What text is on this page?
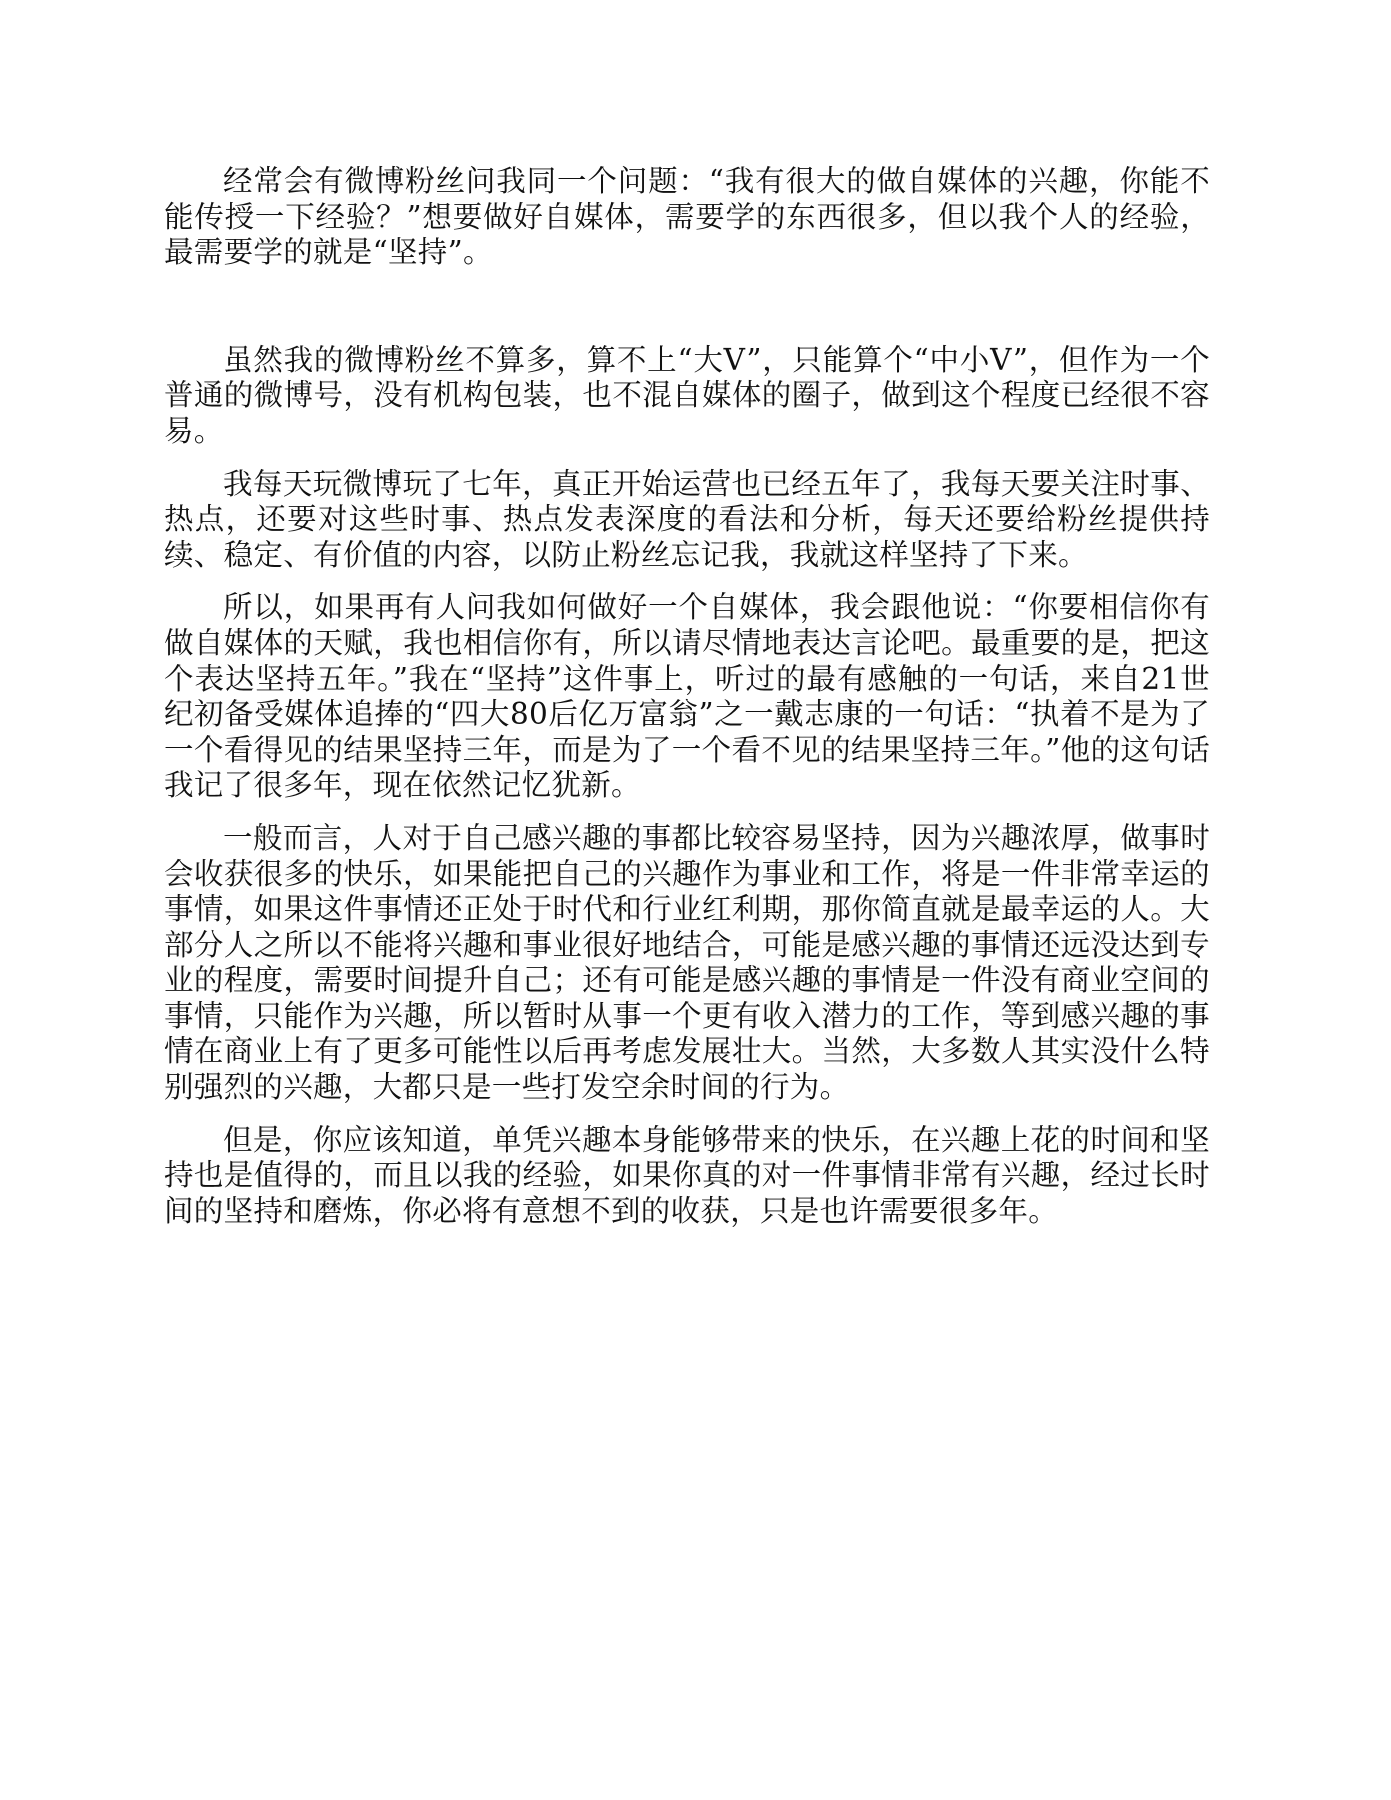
经常会有微博粉丝问我同一个问题：“我有很大的做自媒体的兴趣，你能不能传授一下经验？”想要做好自媒体，需要学的东西很多，但以我个人的经验，最需要学的就是“坚持”。

虽然我的微博粉丝不算多，算不上“大V”，只能算个“中小V”，但作为一个普通的微博号，没有机构包装，也不混自媒体的圈子，做到这个程度已经很不容易。

我每天玩微博玩了七年，真正开始运营也已经五年了，我每天要关注时事、热点，还要对这些时事、热点发表深度的看法和分析，每天还要给粉丝提供持续、稳定、有价值的内容，以防止粉丝忘记我，我就这样坚持了下来。

所以，如果再有人问我如何做好一个自媒体，我会跟他说：“你要相信你有做自媒体的天赋，我也相信你有，所以请尽情地表达言论吧。最重要的是，把这个表达坚持五年。”我在“坚持”这件事上，听过的最有感触的一句话，来自21世纪初备受媒体追捧的“四大80后亿万富翁”之一戴志康的一句话：“执着不是为了一个看得见的结果坚持三年，而是为了一个看不见的结果坚持三年。”他的这句话我记了很多年，现在依然记忆犹新。

一般而言，人对于自己感兴趣的事都比较容易坚持，因为兴趣浓厚，做事时会收获很多的快乐，如果能把自己的兴趣作为事业和工作，将是一件非常幸运的事情，如果这件事情还正处于时代和行业红利期，那你简直就是最幸运的人。大部分人之所以不能将兴趣和事业很好地结合，可能是感兴趣的事情还远没达到专业的程度，需要时间提升自己；还有可能是感兴趣的事情是一件没有商业空间的事情，只能作为兴趣，所以暂时从事一个更有收入潜力的工作，等到感兴趣的事情在商业上有了更多可能性以后再考虑发展壮大。当然，大多数人其实没什么特别强烈的兴趣，大都只是一些打发空余时间的行为。

但是，你应该知道，单凭兴趣本身能够带来的快乐，在兴趣上花的时间和坚持也是值得的，而且以我的经验，如果你真的对一件事情非常有兴趣，经过长时间的坚持和磨炼，你必将有意想不到的收获，只是也许需要很多年。
